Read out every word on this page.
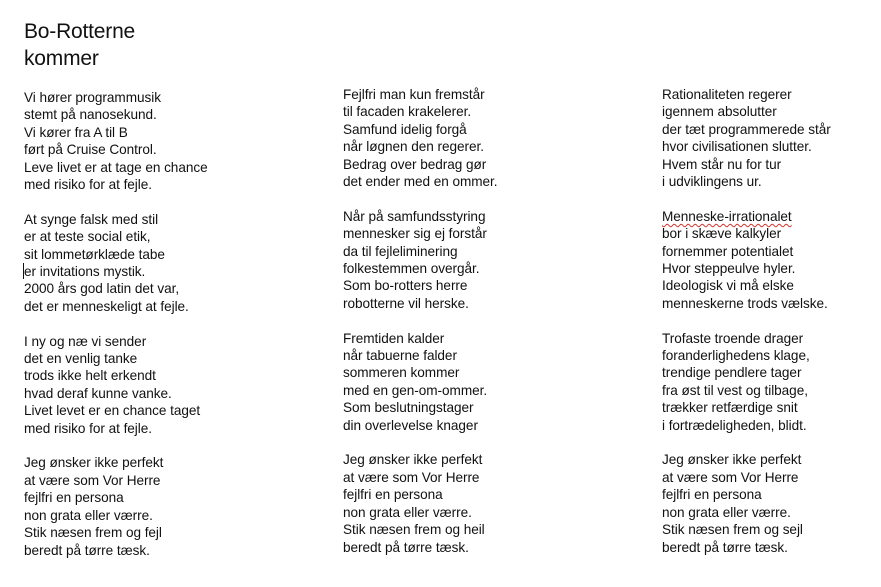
Bo-Rotterne
kommer
Vi hører programmusik
stemt på nanosekund.
Vi kører fra A til B
ført på Cruise Control.
Leve livet er at tage en chance
med risiko for at fejle.
At synge falsk med stil
er at teste social etik,
sit lommetørklæde tabe
er invitations mystik.
2000 års god latin det var,
det er menneskeligt at fejle.
I ny og næ vi sender
det en venlig tanke
trods ikke helt erkendt
hvad deraf kunne vanke.
Livet levet er en chance taget
med risiko for at fejle.
Jeg ønsker ikke perfekt
at være som Vor Herre
fejlfri en persona
non grata eller værre.
Stik næsen frem og fejl
beredt på tørre tæsk.
Fejlfri man kun fremstår
til facaden krakelerer.
Samfund idelig forgå
når løgnen den regerer.
Bedrag over bedrag gør
det ender med en ommer.
Når på samfundsstyring
mennesker sig ej forstår
da til fejleliminering
folkestemmen overgår.
Som bo-rotters herre
robotterne vil herske.
Fremtiden kalder
når tabuerne falder
sommeren kommer
med en gen-om-ommer.
Som beslutningstager
din overlevelse knager
Jeg ønsker ikke perfekt
at være som Vor Herre
fejlfri en persona
non grata eller værre.
Stik næsen frem og heil
beredt på tørre tæsk.
Rationaliteten regerer
igennem absolutter
der tæt programmerede står
hvor civilisationen slutter.
Hvem står nu for tur
i udviklingens ur.
Menneske-irrationalet
bor i skæve kalkyler
fornemmer potentialet
Hvor steppeulve hyler.
Ideologisk vi må elske
menneskerne trods vælske.
Trofaste troende drager
foranderlighedens klage,
trendige pendlere tager
fra øst til vest og tilbage,
trækker retfærdige snit
i fortrædeligheden, blidt.
Jeg ønsker ikke perfekt
at være som Vor Herre
fejlfri en persona
non grata eller værre.
Stik næsen frem og sejl
beredt på tørre tæsk.
